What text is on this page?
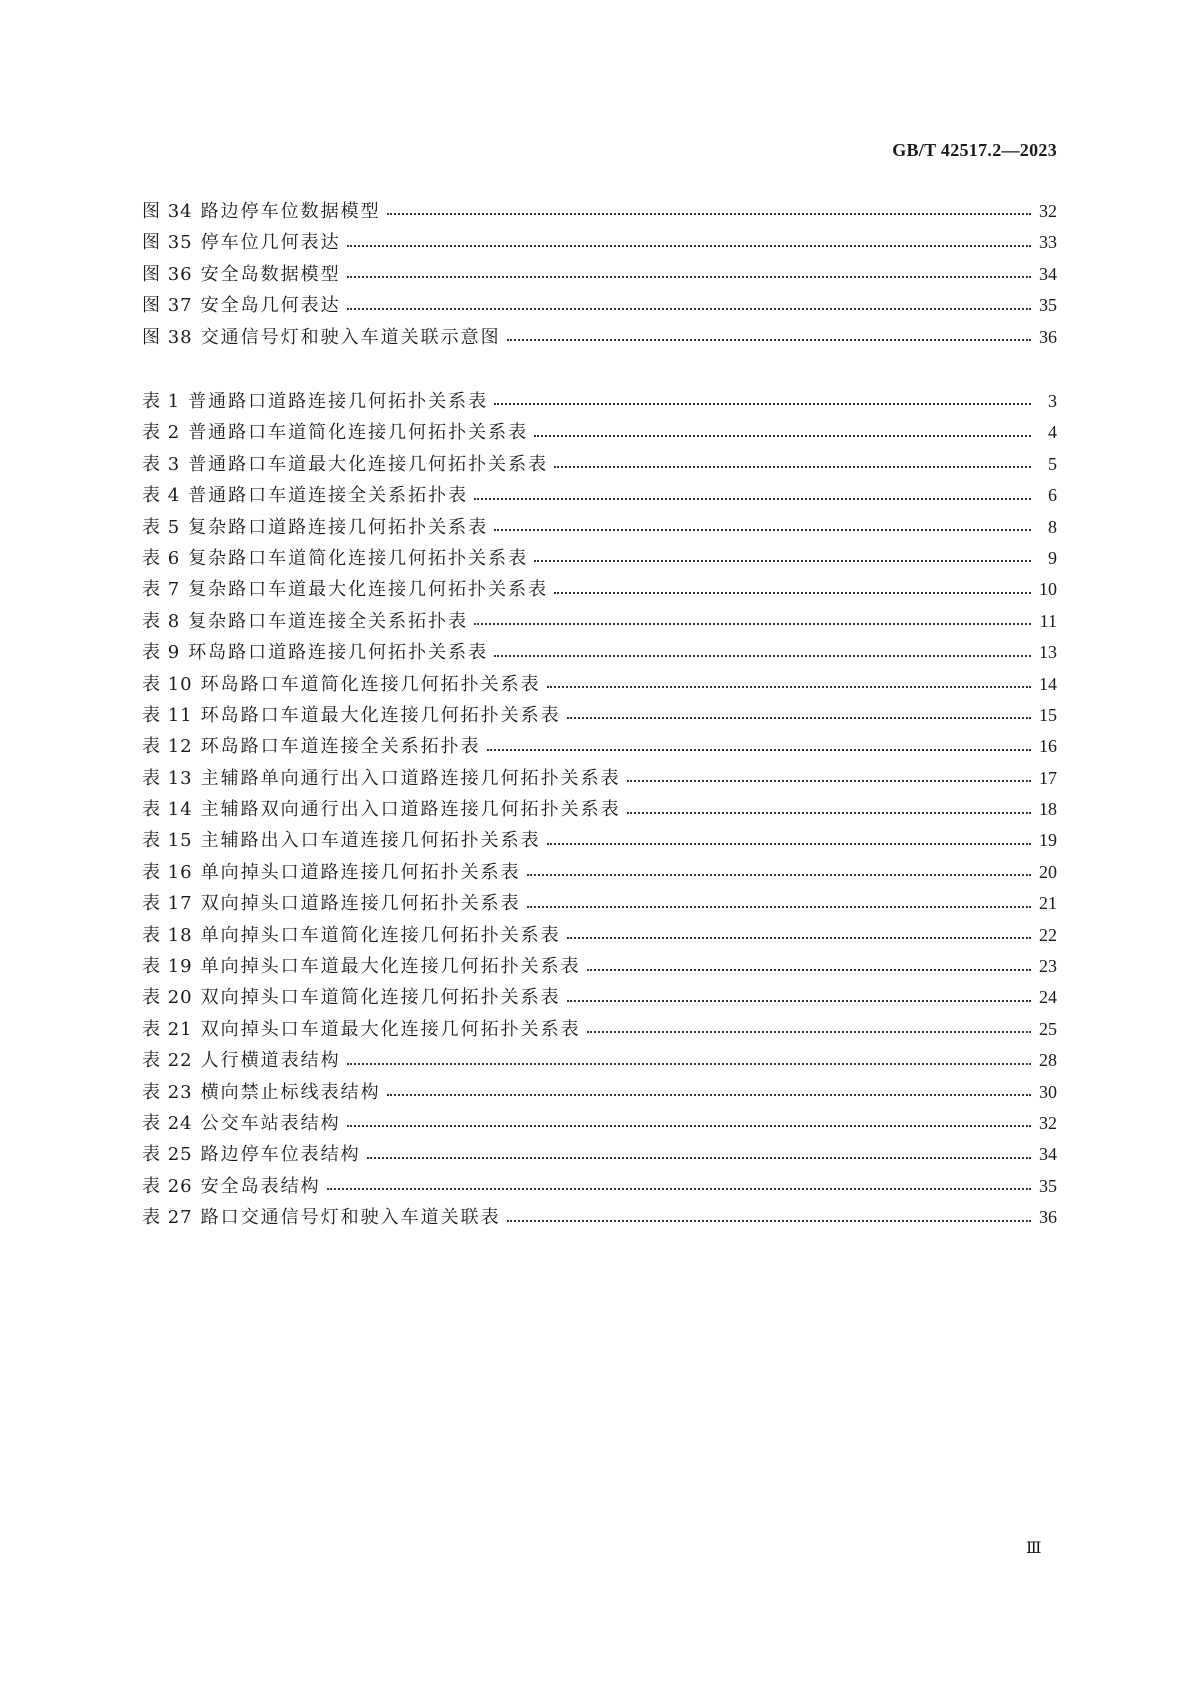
GB/T 42517.2—2023
图 34 路边停车位数据模型	32
图 35 停车位几何表达	33
图 36 安全岛数据模型	34
图 37 安全岛几何表达	35
图 38 交通信号灯和驶入车道关联示意图	36
表 1 普通路口道路连接几何拓扑关系表	3
表 2 普通路口车道简化连接几何拓扑关系表	4
表 3 普通路口车道最大化连接几何拓扑关系表	5
表 4 普通路口车道连接全关系拓扑表	6
表 5 复杂路口道路连接几何拓扑关系表	8
表 6 复杂路口车道简化连接几何拓扑关系表	9
表 7 复杂路口车道最大化连接几何拓扑关系表	10
表 8 复杂路口车道连接全关系拓扑表	11
表 9 环岛路口道路连接几何拓扑关系表	13
表 10 环岛路口车道简化连接几何拓扑关系表	14
表 11 环岛路口车道最大化连接几何拓扑关系表	15
表 12 环岛路口车道连接全关系拓扑表	16
表 13 主辅路单向通行出入口道路连接几何拓扑关系表	17
表 14 主辅路双向通行出入口道路连接几何拓扑关系表	18
表 15 主辅路出入口车道连接几何拓扑关系表	19
表 16 单向掉头口道路连接几何拓扑关系表	20
表 17 双向掉头口道路连接几何拓扑关系表	21
表 18 单向掉头口车道简化连接几何拓扑关系表	22
表 19 单向掉头口车道最大化连接几何拓扑关系表	23
表 20 双向掉头口车道简化连接几何拓扑关系表	24
表 21 双向掉头口车道最大化连接几何拓扑关系表	25
表 22 人行横道表结构	28
表 23 横向禁止标线表结构	30
表 24 公交车站表结构	32
表 25 路边停车位表结构	34
表 26 安全岛表结构	35
表 27 路口交通信号灯和驶入车道关联表	36
Ⅲ
